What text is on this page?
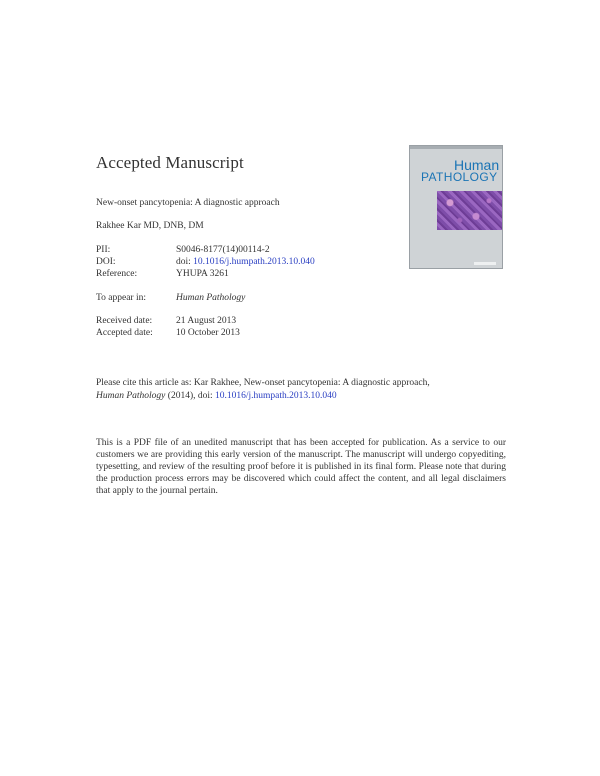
Accepted Manuscript
New-onset pancytopenia: A diagnostic approach
Rakhee Kar MD, DNB, DM
PII:	S0046-8177(14)00114-2
DOI:	doi: 10.1016/j.humpath.2013.10.040
Reference:	YHUPA 3261
To appear in:	Human Pathology
Received date:	21 August 2013
Accepted date: 10 October 2013
Please cite this article as: Kar Rakhee, New-onset pancytopenia: A diagnostic approach,
Human Pathology (2014), doi: 10.1016/j.humpath.2013.10.040
This is a PDF file of an unedited manuscript that has been accepted for publication. As a service to our customers we are providing this early version of the manuscript. The manuscript will undergo copyediting, typesetting, and review of the resulting proof before it is published in its final form. Please note that during the production process errors may be discovered which could affect the content, and all legal disclaimers that apply to the journal pertain.
Human
PATHOLOGY
